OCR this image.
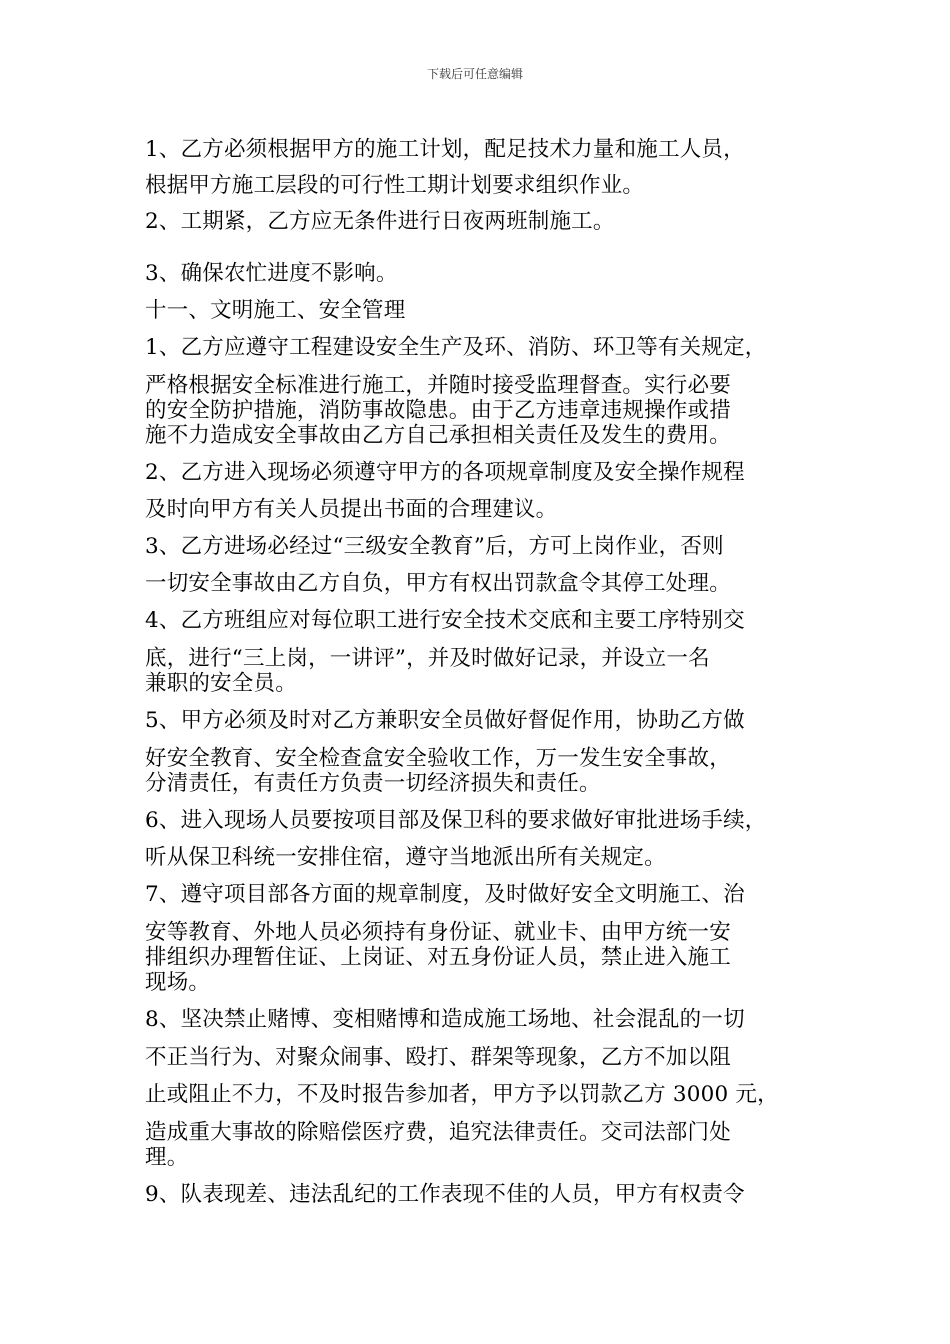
下载后可任意编辑
1、乙方必须根据甲方的施工计划，配足技术力量和施工人员，
根据甲方施工层段的可行性工期计划要求组织作业。
2、工期紧，乙方应无条件进行日夜两班制施工。
3、确保农忙进度不影响。
十一、文明施工、安全管理
1、乙方应遵守工程建设安全生产及环、消防、环卫等有关规定，
严格根据安全标准进行施工，并随时接受监理督查。实行必要
的安全防护措施，消防事故隐患。由于乙方违章违规操作或措
施不力造成安全事故由乙方自己承担相关责任及发生的费用。
2、乙方进入现场必须遵守甲方的各项规章制度及安全操作规程
及时向甲方有关人员提出书面的合理建议。
3、乙方进场必经过“三级安全教育”后，方可上岗作业，否则
一切安全事故由乙方自负，甲方有权出罚款盒令其停工处理。
4、乙方班组应对每位职工进行安全技术交底和主要工序特别交
底，进行“三上岗，一讲评”，并及时做好记录，并设立一名
兼职的安全员。
5、甲方必须及时对乙方兼职安全员做好督促作用，协助乙方做
好安全教育、安全检查盒安全验收工作，万一发生安全事故，
分清责任，有责任方负责一切经济损失和责任。
6、进入现场人员要按项目部及保卫科的要求做好审批进场手续，
听从保卫科统一安排住宿，遵守当地派出所有关规定。
7、遵守项目部各方面的规章制度，及时做好安全文明施工、治
安等教育、外地人员必须持有身份证、就业卡、由甲方统一安
排组织办理暂住证、上岗证、对五身份证人员，禁止进入施工
现场。
8、坚决禁止赌博、变相赌博和造成施工场地、社会混乱的一切
不正当行为、对聚众闹事、殴打、群架等现象，乙方不加以阻
止或阻止不力，不及时报告参加者，甲方予以罚款乙方 3000 元，
造成重大事故的除赔偿医疗费，追究法律责任。交司法部门处
理。
9、队表现差、违法乱纪的工作表现不佳的人员，甲方有权责令
